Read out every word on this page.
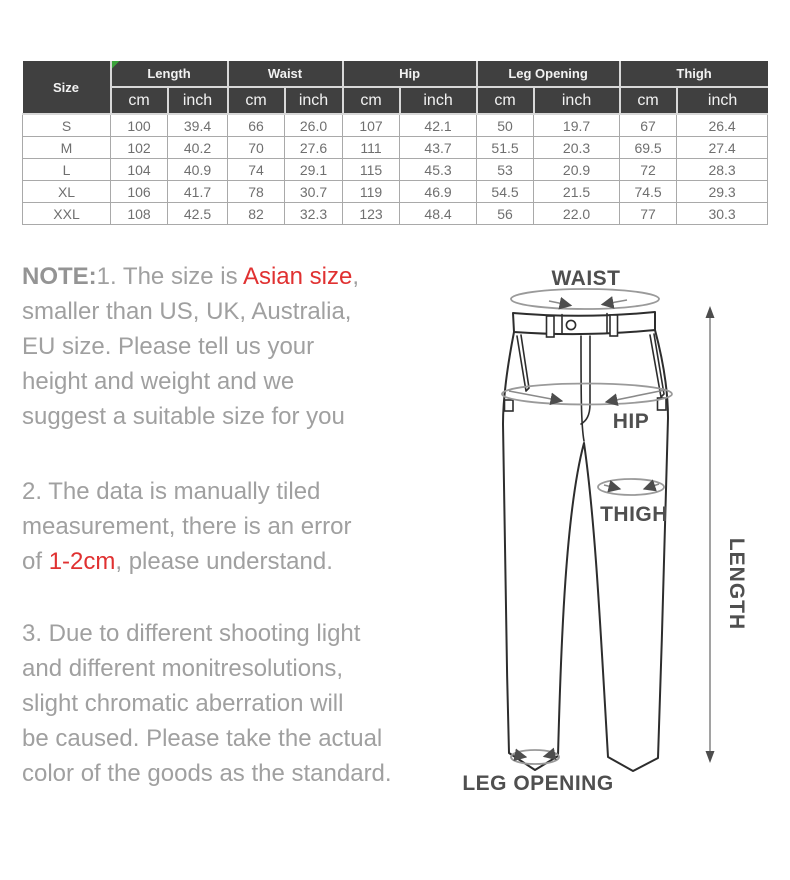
Size	Length		Waist		Hip		Leg Opening		Thigh	
	cm	inch	cm	inch	cm	inch	cm	inch	cm	inch
S	100	39.4	66	26.0	107	42.1	50	19.7	67	26.4
M	102	40.2	70	27.6	111	43.7	51.5	20.3	69.5	27.4
L	104	40.9	74	29.1	115	45.3	53	20.9	72	28.3
XL	106	41.7	78	30.7	119	46.9	54.5	21.5	74.5	29.3
XXL	108	42.5	82	32.3	123	48.4	56	22.0	77	30.3

NOTE:1. The size is Asian size,
smaller than US, UK, Australia,
EU size. Please tell us your
height and weight and we
suggest a suitable size for you

2. The data is manually tiled
measurement, there is an error
of 1-2cm, please understand.

3. Due to different shooting light
and different monitresolutions,
slight chromatic aberration will
be caused. Please take the actual
color of the goods as the standard.

WAIST
HIP
THIGH
LENGTH
LEG OPENING
